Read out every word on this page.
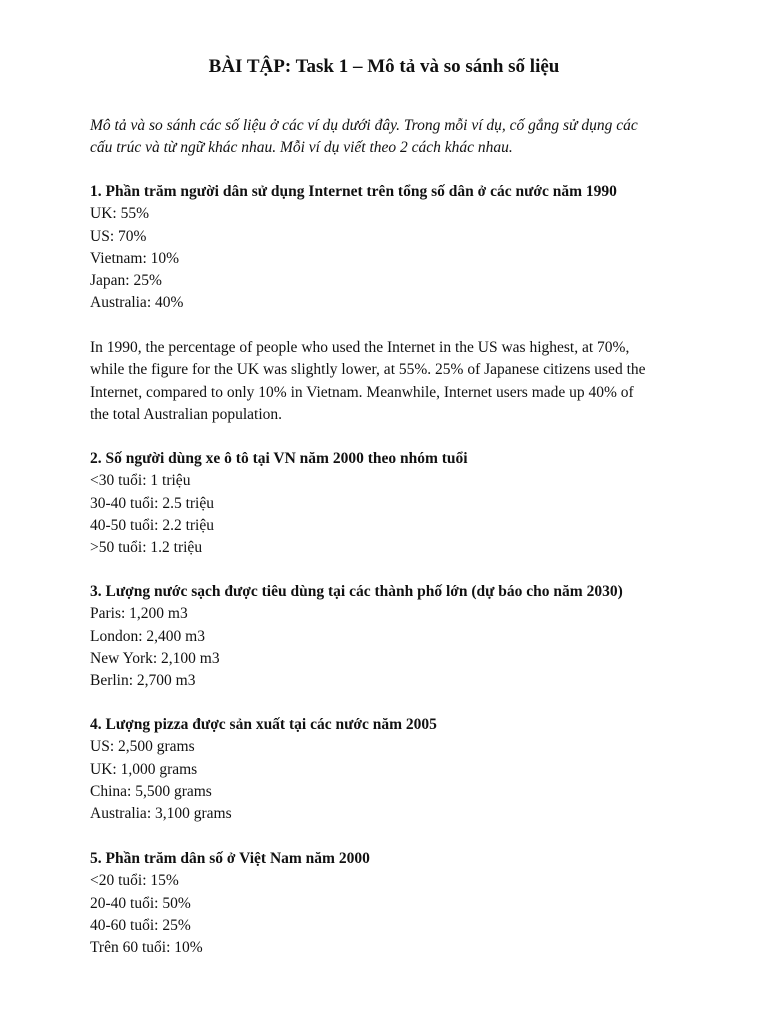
BÀI TẬP: Task 1 – Mô tả và so sánh số liệu

Mô tả và so sánh các số liệu ở các ví dụ dưới đây. Trong mỗi ví dụ, cố gắng sử dụng các

cấu trúc và từ ngữ khác nhau. Mỗi ví dụ viết theo 2 cách khác nhau.

1. Phần trăm người dân sử dụng Internet trên tổng số dân ở các nước năm 1990
UK: 55%
US: 70%
Vietnam: 10%
Japan: 25%
Australia: 40%

In 1990, the percentage of people who used the Internet in the US was highest, at 70%,

while the figure for the UK was slightly lower, at 55%. 25% of Japanese citizens used the

Internet, compared to only 10% in Vietnam. Meanwhile, Internet users made up 40% of

the total Australian population.

2. Số người dùng xe ô tô tại VN năm 2000 theo nhóm tuổi
<30 tuổi: 1 triệu
30-40 tuổi: 2.5 triệu
40-50 tuổi: 2.2 triệu
>50 tuổi: 1.2 triệu
3. Lượng nước sạch được tiêu dùng tại các thành phố lớn (dự báo cho năm 2030)
Paris: 1,200 m3
London: 2,400 m3
New York: 2,100 m3
Berlin: 2,700 m3
4. Lượng pizza được sản xuất tại các nước năm 2005
US: 2,500 grams
UK: 1,000 grams
China: 5,500 grams
Australia: 3,100 grams
5. Phần trăm dân số ở Việt Nam năm 2000
<20 tuổi: 15%
20-40 tuổi: 50%
40-60 tuổi: 25%
Trên 60 tuổi: 10%
